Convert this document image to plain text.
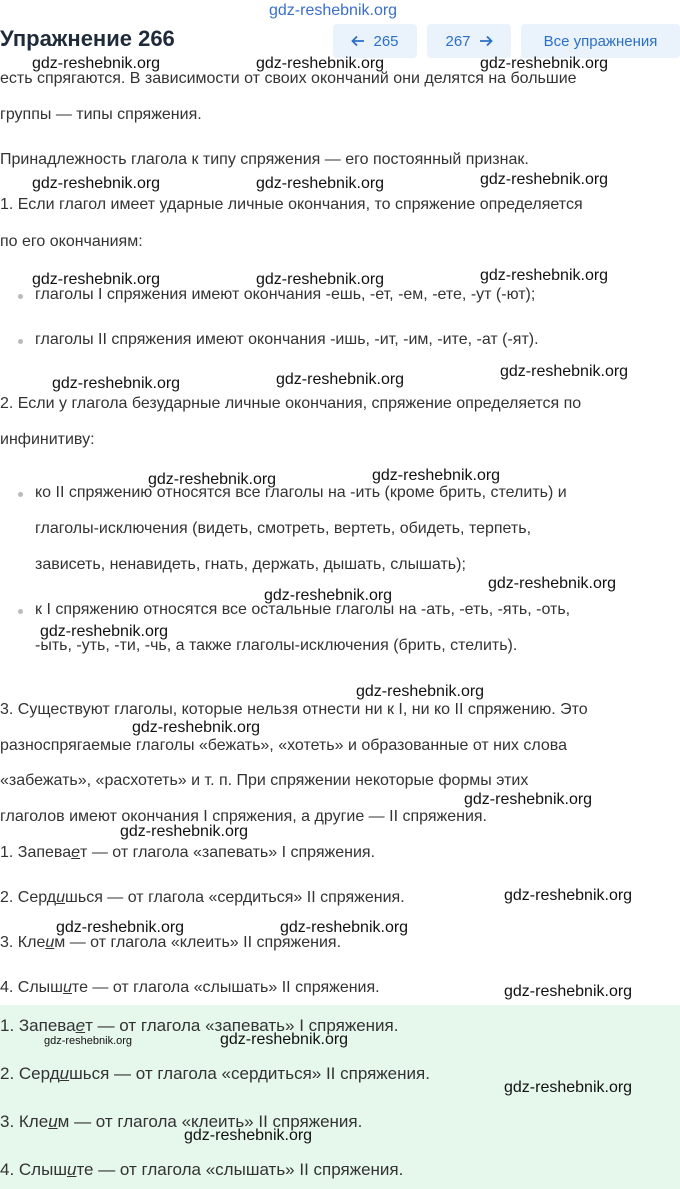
gdz-reshebnik.org
Упражнение 266	265	267	Все упражнения
есть спрягаются. В зависимости от своих окончаний они делятся на большие
группы — типы спряжения.
Принадлежность глагола к типу спряжения — его постоянный признак.
1. Если глагол имеет ударные личные окончания, то спряжение определяется
по его окончаниям:
глаголы I спряжения имеют окончания -ешь, -ет, -ем, -ете, -ут (-ют);
глаголы II спряжения имеют окончания -ишь, -ит, -им, -ите, -ат (-ят).
2. Если у глагола безударные личные окончания, спряжение определяется по
инфинитиву:
ко II спряжению относятся все глаголы на -ить (кроме брить, стелить) и
глаголы-исключения (видеть, смотреть, вертеть, обидеть, терпеть,
зависеть, ненавидеть, гнать, держать, дышать, слышать);
к I спряжению относятся все остальные глаголы на -ать, -еть, -ять, -оть,
-ыть, -уть, -ти, -чь, а также глаголы-исключения (брить, стелить).
3. Существуют глаголы, которые нельзя отнести ни к I, ни ко II спряжению. Это
разноспрягаемые глаголы «бежать», «хотеть» и образованные от них слова
«забежать», «расхотеть» и т. п. При спряжении некоторые формы этих
глаголов имеют окончания I спряжения, а другие — II спряжения.
1. Запевает — от глагола «запевать» I спряжения.
2. Сердишься — от глагола «сердиться» II спряжения.
3. Клеим — от глагола «клеить» II спряжения.
4. Слышите — от глагола «слышать» II спряжения.
1. Запевает — от глагола «запевать» I спряжения.
2. Сердишься — от глагола «сердиться» II спряжения.
3. Клеим — от глагола «клеить» II спряжения.
4. Слышите — от глагола «слышать» II спряжения.
gdz-reshebnik.org	gdz-reshebnik.org	gdz-reshebnik.org
gdz-reshebnik.org	gdz-reshebnik.org	gdz-reshebnik.org
gdz-reshebnik.org	gdz-reshebnik.org	gdz-reshebnik.org
gdz-reshebnik.org	gdz-reshebnik.org	gdz-reshebnik.org
gdz-reshebnik.org	gdz-reshebnik.org
gdz-reshebnik.org
gdz-reshebnik.org
gdz-reshebnik.org
gdz-reshebnik.org
gdz-reshebnik.org
gdz-reshebnik.org
gdz-reshebnik.org
gdz-reshebnik.org
gdz-reshebnik.org	gdz-reshebnik.org
gdz-reshebnik.org
gdz-reshebnik.org	gdz-reshebnik.org
gdz-reshebnik.org
gdz-reshebnik.org
